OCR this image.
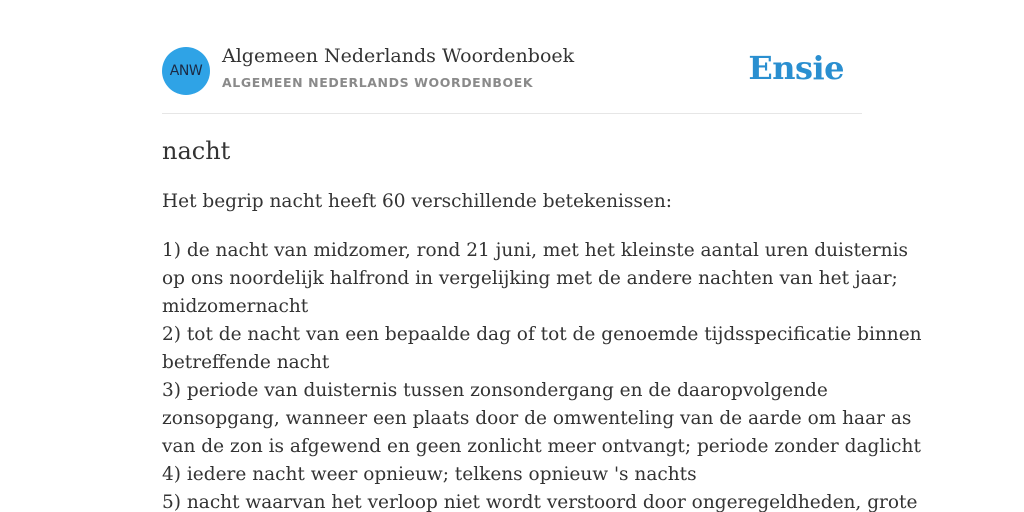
ANW
Algemeen Nederlands Woordenboek
ALGEMEEN NEDERLANDS WOORDENBOEK	Ensie
nacht

Het begrip nacht heeft 60 verschillende betekenissen:

1) de nacht van midzomer, rond 21 juni, met het kleinste aantal uren duisternis
op ons noordelijk halfrond in vergelijking met de andere nachten van het jaar;
midzomernacht
2) tot de nacht van een bepaalde dag of tot de genoemde tijdsspecificatie binnen
betreffende nacht
3) periode van duisternis tussen zonsondergang en de daaropvolgende
zonsopgang, wanneer een plaats door de omwenteling van de aarde om haar as
van de zon is afgewend en geen zonlicht meer ontvangt; periode zonder daglicht
4) iedere nacht weer opnieuw; telkens opnieuw 's nachts
5) nacht waarvan het verloop niet wordt verstoord door ongeregeldheden, grote
